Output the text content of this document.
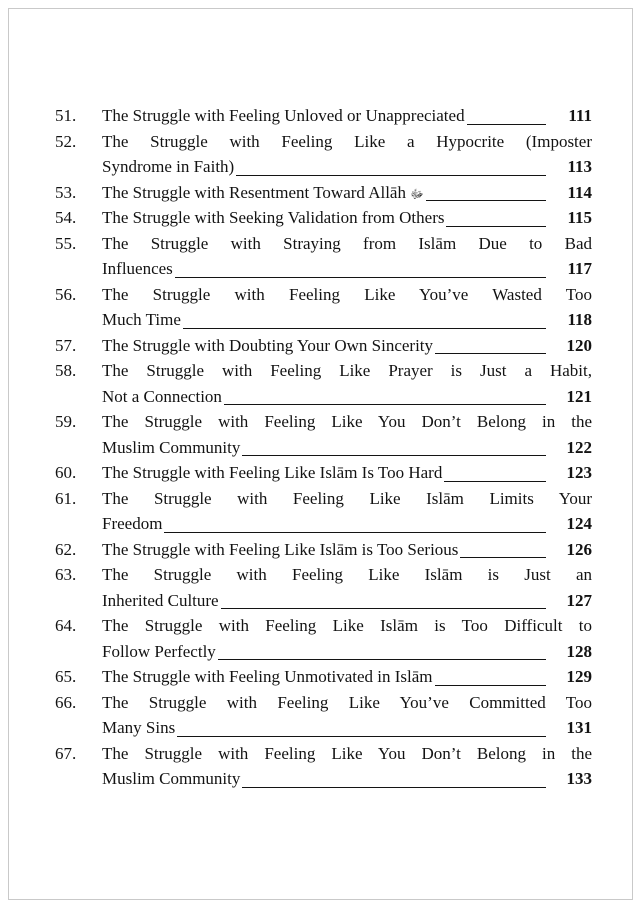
51.	The Struggle with Feeling Unloved or Unappreciated	111
52.	The Struggle with Feeling Like a Hypocrite (Imposter
Syndrome in Faith)	113
53.	The Struggle with Resentment Toward Allāh ﷻ	114
54.	The Struggle with Seeking Validation from Others	115
55.	The Struggle with Straying from Islām Due to Bad
Influences	117
56.	The Struggle with Feeling Like You’ve Wasted Too
Much Time	118
57.	The Struggle with Doubting Your Own Sincerity	120
58.	The Struggle with Feeling Like Prayer is Just a Habit,
Not a Connection	121
59.	The Struggle with Feeling Like You Don’t Belong in the
Muslim Community	122
60.	The Struggle with Feeling Like Islām Is Too Hard	123
61.	The Struggle with Feeling Like Islām Limits Your
Freedom	124
62.	The Struggle with Feeling Like Islām is Too Serious	126
63.	The Struggle with Feeling Like Islām is Just an
Inherited Culture	127
64.	The Struggle with Feeling Like Islām is Too Difficult to
Follow Perfectly	128
65.	The Struggle with Feeling Unmotivated in Islām	129
66.	The Struggle with Feeling Like You’ve Committed Too
Many Sins	131
67.	The Struggle with Feeling Like You Don’t Belong in the
Muslim Community	133
